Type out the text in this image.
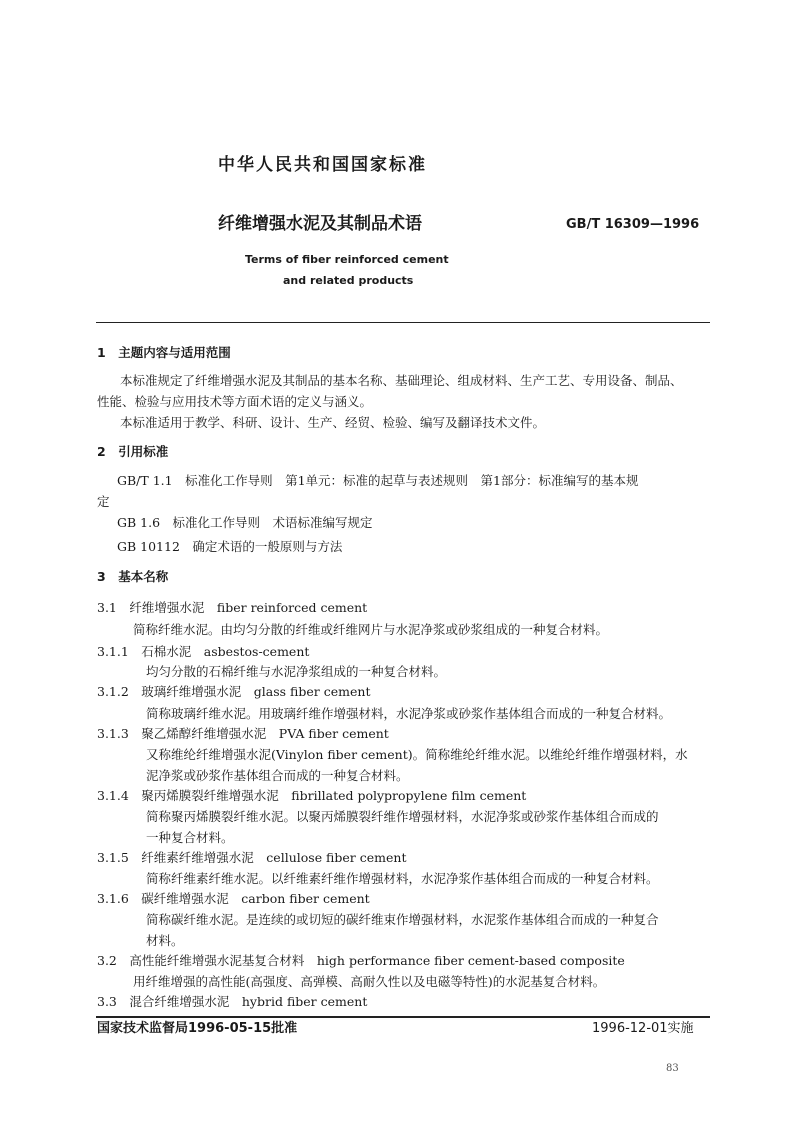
中华人民共和国国家标准
纤维增强水泥及其制品术语	GB/T 16309—1996
Terms of fiber reinforced cement
and related products
1　主题内容与适用范围
本标准规定了纤维增强水泥及其制品的基本名称、基础理论、组成材料、生产工艺、专用设备、制品、
性能、检验与应用技术等方面术语的定义与涵义。
本标准适用于教学、科研、设计、生产、经贸、检验、编写及翻译技术文件。
2　引用标准
GB/T 1.1　标准化工作导则　第1单元：标准的起草与表述规则　第1部分：标准编写的基本规
定
GB 1.6　标准化工作导则　术语标准编写规定
GB 10112　确定术语的一般原则与方法
3　基本名称
3.1　纤维增强水泥　fiber reinforced cement
简称纤维水泥。由均匀分散的纤维或纤维网片与水泥净浆或砂浆组成的一种复合材料。
3.1.1　石棉水泥　asbestos-cement
均匀分散的石棉纤维与水泥净浆组成的一种复合材料。
3.1.2　玻璃纤维增强水泥　glass fiber cement
简称玻璃纤维水泥。用玻璃纤维作增强材料，水泥净浆或砂浆作基体组合而成的一种复合材料。
3.1.3　聚乙烯醇纤维增强水泥　PVA fiber cement
又称维纶纤维增强水泥(Vinylon fiber cement)。简称维纶纤维水泥。以维纶纤维作增强材料，水
泥净浆或砂浆作基体组合而成的一种复合材料。
3.1.4　聚丙烯膜裂纤维增强水泥　fibrillated polypropylene film cement
简称聚丙烯膜裂纤维水泥。以聚丙烯膜裂纤维作增强材料，水泥净浆或砂浆作基体组合而成的
一种复合材料。
3.1.5　纤维素纤维增强水泥　cellulose fiber cement
简称纤维素纤维水泥。以纤维素纤维作增强材料，水泥净浆作基体组合而成的一种复合材料。
3.1.6　碳纤维增强水泥　carbon fiber cement
简称碳纤维水泥。是连续的或切短的碳纤维束作增强材料，水泥浆作基体组合而成的一种复合
材料。
3.2　高性能纤维增强水泥基复合材料　high performance fiber cement-based composite
用纤维增强的高性能(高强度、高弹模、高耐久性以及电磁等特性)的水泥基复合材料。
3.3　混合纤维增强水泥　hybrid fiber cement
国家技术监督局1996-05-15批准	1996-12-01实施
83
